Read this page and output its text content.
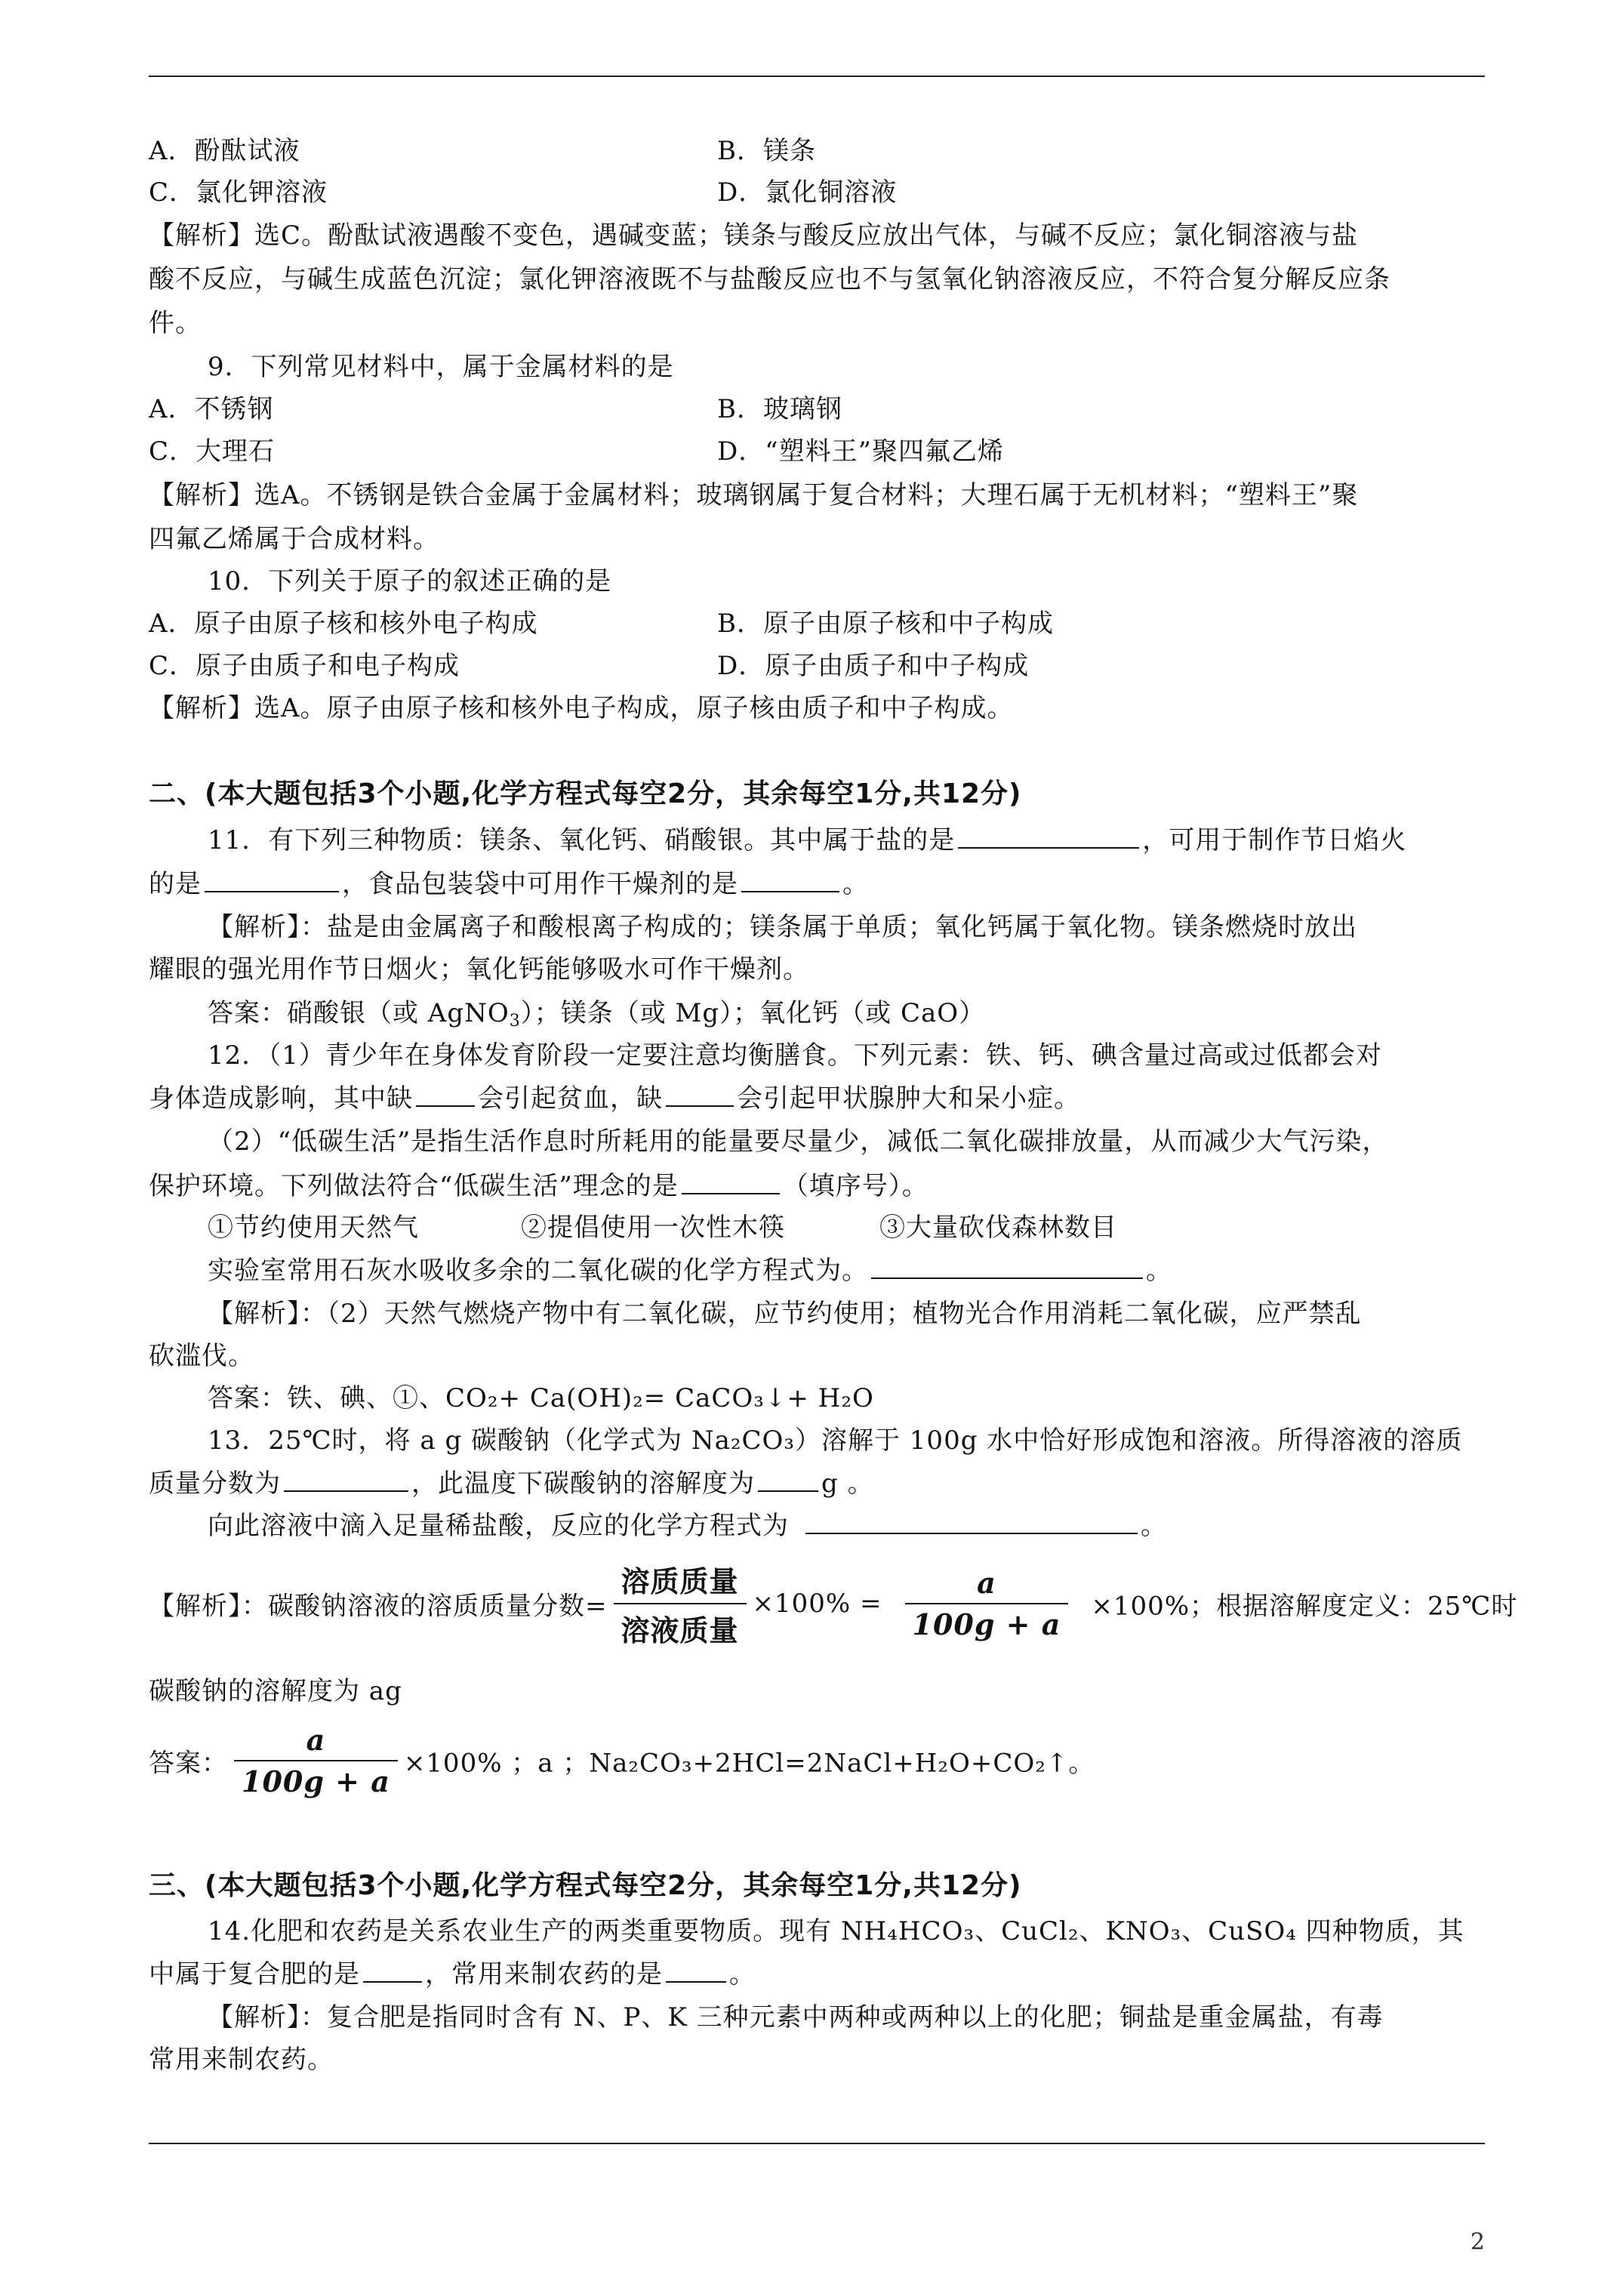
A．酚酞试液	B．镁条
C．氯化钾溶液	D．氯化铜溶液
【解析】选C。酚酞试液遇酸不变色，遇碱变蓝；镁条与酸反应放出气体，与碱不反应；氯化铜溶液与盐
酸不反应，与碱生成蓝色沉淀；氯化钾溶液既不与盐酸反应也不与氢氧化钠溶液反应，不符合复分解反应条
件。
9．下列常见材料中，属于金属材料的是
A．不锈钢	B．玻璃钢
C．大理石	D．“塑料王”聚四氟乙烯
【解析】选A。不锈钢是铁合金属于金属材料；玻璃钢属于复合材料；大理石属于无机材料；“塑料王”聚
四氟乙烯属于合成材料。
10．下列关于原子的叙述正确的是
A．原子由原子核和核外电子构成	B．原子由原子核和中子构成
C．原子由质子和电子构成	D．原子由质子和中子构成
【解析】选A。原子由原子核和核外电子构成，原子核由质子和中子构成。
二、(本大题包括3个小题,化学方程式每空2分，其余每空1分,共12分)
11．有下列三种物质：镁条、氧化钙、硝酸银。其中属于盐的是	，可用于制作节日焰火
的是	，食品包装袋中可用作干燥剂的是	。
【解析】：盐是由金属离子和酸根离子构成的；镁条属于单质；氧化钙属于氧化物。镁条燃烧时放出
耀眼的强光用作节日烟火；氧化钙能够吸水可作干燥剂。
答案：硝酸银（或 AgNO$_3$）；镁条（或 Mg）；氧化钙（或 CaO）
12．（1）青少年在身体发育阶段一定要注意均衡膳食。下列元素：铁、钙、碘含量过高或过低都会对
身体造成影响，其中缺	会引起贫血，缺	会引起甲状腺肿大和呆小症。
（2）“低碳生活”是指生活作息时所耗用的能量要尽量少，减低二氧化碳排放量，从而减少大气污染，
保护环境。下列做法符合“低碳生活”理念的是	（填序号）。
①节约使用天然气	②提倡使用一次性木筷	③大量砍伐森林数目
实验室常用石灰水吸收多余的二氧化碳的化学方程式为。	。
【解析】：（2）天然气燃烧产物中有二氧化碳，应节约使用；植物光合作用消耗二氧化碳，应严禁乱
砍滥伐。
答案：铁、碘、①、CO₂+ Ca(OH)₂= CaCO₃↓+ H₂O
13．25℃时，将 a g 碳酸钠（化学式为 Na₂CO₃）溶解于 100g 水中恰好形成饱和溶液。所得溶液的溶质
质量分数为	，此温度下碳酸钠的溶解度为	g 。
向此溶液中滴入足量稀盐酸，反应的化学方程式为	。
【解析】：碳酸钠溶液的溶质质量分数= $\frac{\text{溶质质量}}{\text{溶液质量}} \times 100\% = \frac{a}{100g + a} \times 100\%$；根据溶解度定义：25℃时
碳酸钠的溶解度为 ag
答案： $\frac{a}{100g + a} \times 100\%$ ；a ；Na₂CO₃+2HCl=2NaCl+H₂O+CO₂↑。
三、(本大题包括3个小题,化学方程式每空2分，其余每空1分,共12分)
14.化肥和农药是关系农业生产的两类重要物质。现有 NH₄HCO₃、CuCl₂、KNO₃、CuSO₄ 四种物质，其
中属于复合肥的是	，常用来制农药的是	。
【解析】：复合肥是指同时含有 N、P、K 三种元素中两种或两种以上的化肥；铜盐是重金属盐，有毒
常用来制农药。
2
